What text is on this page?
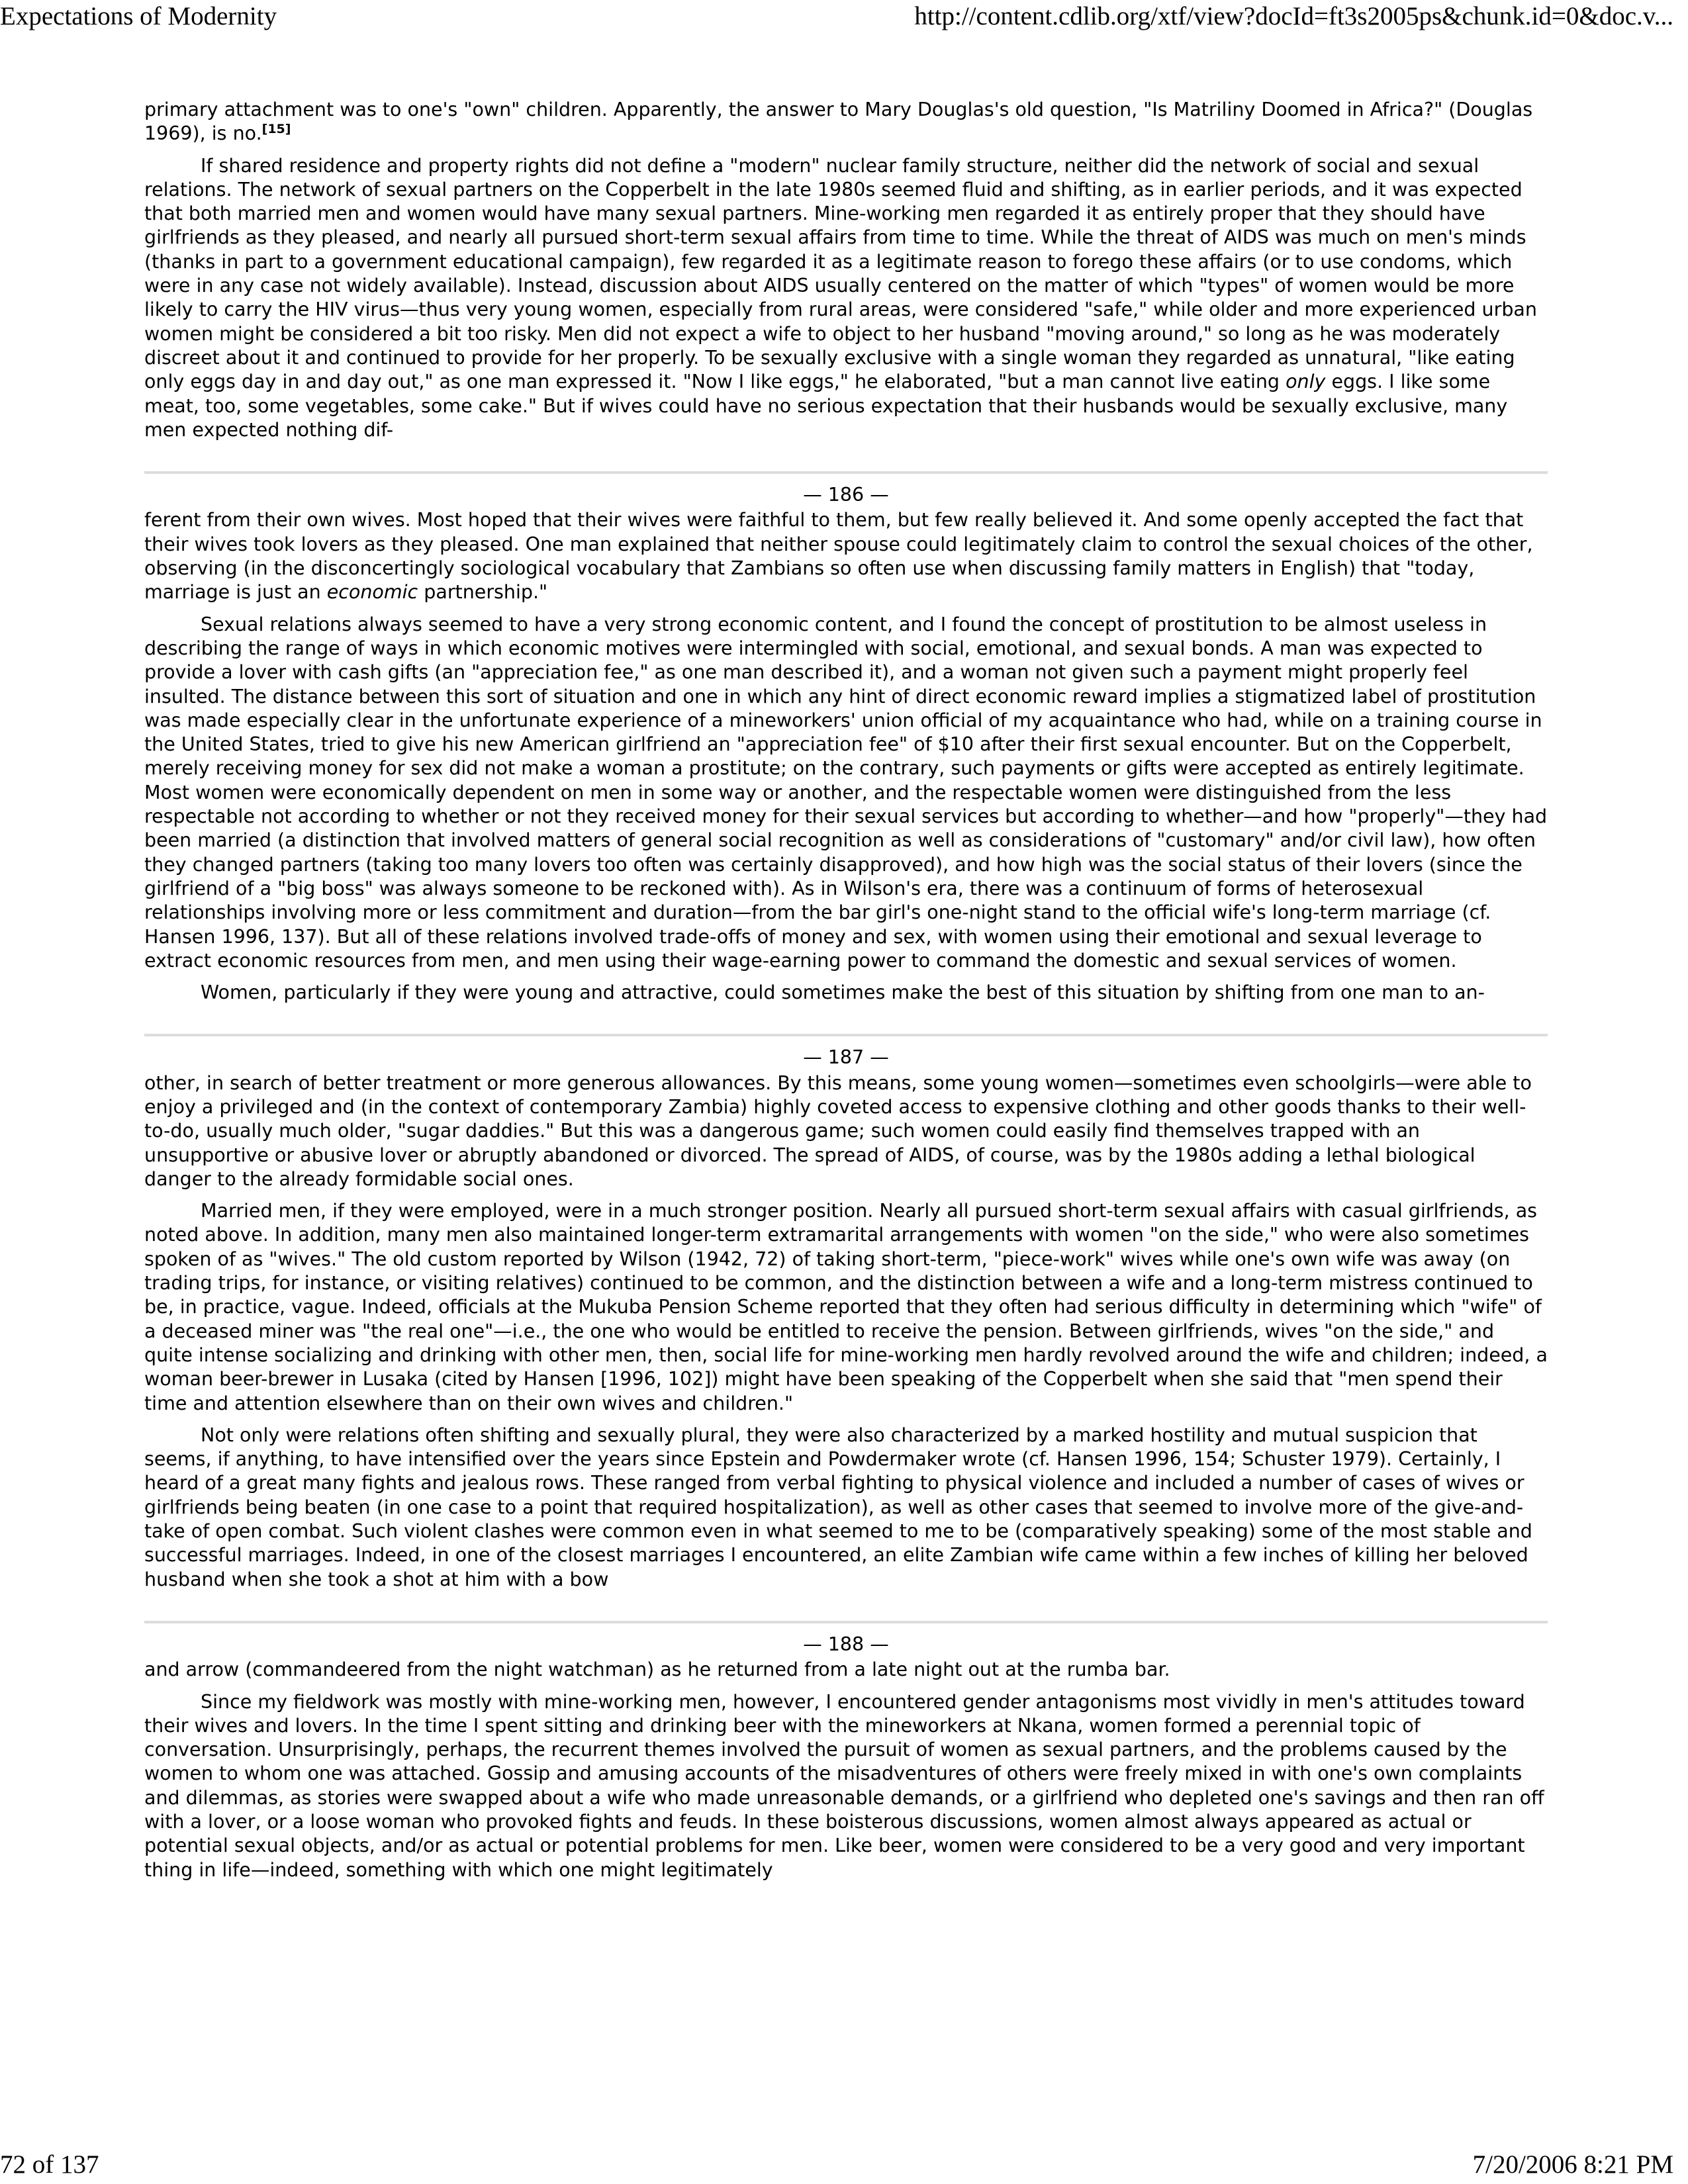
Expectations of Modernity	http://content.cdlib.org/xtf/view?docId=ft3s2005ps&chunk.id=0&doc.v...

primary attachment was to one's "own" children. Apparently, the answer to Mary Douglas's old question, "Is Matriliny Doomed in Africa?" (Douglas 1969), is no.[15]

If shared residence and property rights did not define a "modern" nuclear family structure, neither did the network of social and sexual relations. The network of sexual partners on the Copperbelt in the late 1980s seemed fluid and shifting, as in earlier periods, and it was expected that both married men and women would have many sexual partners. Mine-working men regarded it as entirely proper that they should have girlfriends as they pleased, and nearly all pursued short-term sexual affairs from time to time. While the threat of AIDS was much on men's minds (thanks in part to a government educational campaign), few regarded it as a legitimate reason to forego these affairs (or to use condoms, which were in any case not widely available). Instead, discussion about AIDS usually centered on the matter of which "types" of women would be more likely to carry the HIV virus—thus very young women, especially from rural areas, were considered "safe," while older and more experienced urban women might be considered a bit too risky. Men did not expect a wife to object to her husband "moving around," so long as he was moderately discreet about it and continued to provide for her properly. To be sexually exclusive with a single woman they regarded as unnatural, "like eating only eggs day in and day out," as one man expressed it. "Now I like eggs," he elaborated, "but a man cannot live eating only eggs. I like some meat, too, some vegetables, some cake." But if wives could have no serious expectation that their husbands would be sexually exclusive, many men expected nothing dif-

— 186 —

ferent from their own wives. Most hoped that their wives were faithful to them, but few really believed it. And some openly accepted the fact that their wives took lovers as they pleased. One man explained that neither spouse could legitimately claim to control the sexual choices of the other, observing (in the disconcertingly sociological vocabulary that Zambians so often use when discussing family matters in English) that "today, marriage is just an economic partnership."

Sexual relations always seemed to have a very strong economic content, and I found the concept of prostitution to be almost useless in describing the range of ways in which economic motives were intermingled with social, emotional, and sexual bonds. A man was expected to provide a lover with cash gifts (an "appreciation fee," as one man described it), and a woman not given such a payment might properly feel insulted. The distance between this sort of situation and one in which any hint of direct economic reward implies a stigmatized label of prostitution was made especially clear in the unfortunate experience of a mineworkers' union official of my acquaintance who had, while on a training course in the United States, tried to give his new American girlfriend an "appreciation fee" of $10 after their first sexual encounter. But on the Copperbelt, merely receiving money for sex did not make a woman a prostitute; on the contrary, such payments or gifts were accepted as entirely legitimate. Most women were economically dependent on men in some way or another, and the respectable women were distinguished from the less respectable not according to whether or not they received money for their sexual services but according to whether—and how "properly"—they had been married (a distinction that involved matters of general social recognition as well as considerations of "customary" and/or civil law), how often they changed partners (taking too many lovers too often was certainly disapproved), and how high was the social status of their lovers (since the girlfriend of a "big boss" was always someone to be reckoned with). As in Wilson's era, there was a continuum of forms of heterosexual relationships involving more or less commitment and duration—from the bar girl's one-night stand to the official wife's long-term marriage (cf. Hansen 1996, 137). But all of these relations involved trade-offs of money and sex, with women using their emotional and sexual leverage to extract economic resources from men, and men using their wage-earning power to command the domestic and sexual services of women.

Women, particularly if they were young and attractive, could sometimes make the best of this situation by shifting from one man to an-

— 187 —

other, in search of better treatment or more generous allowances. By this means, some young women—sometimes even schoolgirls—were able to enjoy a privileged and (in the context of contemporary Zambia) highly coveted access to expensive clothing and other goods thanks to their well-to-do, usually much older, "sugar daddies." But this was a dangerous game; such women could easily find themselves trapped with an unsupportive or abusive lover or abruptly abandoned or divorced. The spread of AIDS, of course, was by the 1980s adding a lethal biological danger to the already formidable social ones.

Married men, if they were employed, were in a much stronger position. Nearly all pursued short-term sexual affairs with casual girlfriends, as noted above. In addition, many men also maintained longer-term extramarital arrangements with women "on the side," who were also sometimes spoken of as "wives." The old custom reported by Wilson (1942, 72) of taking short-term, "piece-work" wives while one's own wife was away (on trading trips, for instance, or visiting relatives) continued to be common, and the distinction between a wife and a long-term mistress continued to be, in practice, vague. Indeed, officials at the Mukuba Pension Scheme reported that they often had serious difficulty in determining which "wife" of a deceased miner was "the real one"—i.e., the one who would be entitled to receive the pension. Between girlfriends, wives "on the side," and quite intense socializing and drinking with other men, then, social life for mine-working men hardly revolved around the wife and children; indeed, a woman beer-brewer in Lusaka (cited by Hansen [1996, 102]) might have been speaking of the Copperbelt when she said that "men spend their time and attention elsewhere than on their own wives and children."

Not only were relations often shifting and sexually plural, they were also characterized by a marked hostility and mutual suspicion that seems, if anything, to have intensified over the years since Epstein and Powdermaker wrote (cf. Hansen 1996, 154; Schuster 1979). Certainly, I heard of a great many fights and jealous rows. These ranged from verbal fighting to physical violence and included a number of cases of wives or girlfriends being beaten (in one case to a point that required hospitalization), as well as other cases that seemed to involve more of the give-and-take of open combat. Such violent clashes were common even in what seemed to me to be (comparatively speaking) some of the most stable and successful marriages. Indeed, in one of the closest marriages I encountered, an elite Zambian wife came within a few inches of killing her beloved husband when she took a shot at him with a bow

— 188 —

and arrow (commandeered from the night watchman) as he returned from a late night out at the rumba bar.

Since my fieldwork was mostly with mine-working men, however, I encountered gender antagonisms most vividly in men's attitudes toward their wives and lovers. In the time I spent sitting and drinking beer with the mineworkers at Nkana, women formed a perennial topic of conversation. Unsurprisingly, perhaps, the recurrent themes involved the pursuit of women as sexual partners, and the problems caused by the women to whom one was attached. Gossip and amusing accounts of the misadventures of others were freely mixed in with one's own complaints and dilemmas, as stories were swapped about a wife who made unreasonable demands, or a girlfriend who depleted one's savings and then ran off with a lover, or a loose woman who provoked fights and feuds. In these boisterous discussions, women almost always appeared as actual or potential sexual objects, and/or as actual or potential problems for men. Like beer, women were considered to be a very good and very important thing in life—indeed, something with which one might legitimately

72 of 137	7/20/2006 8:21 PM
